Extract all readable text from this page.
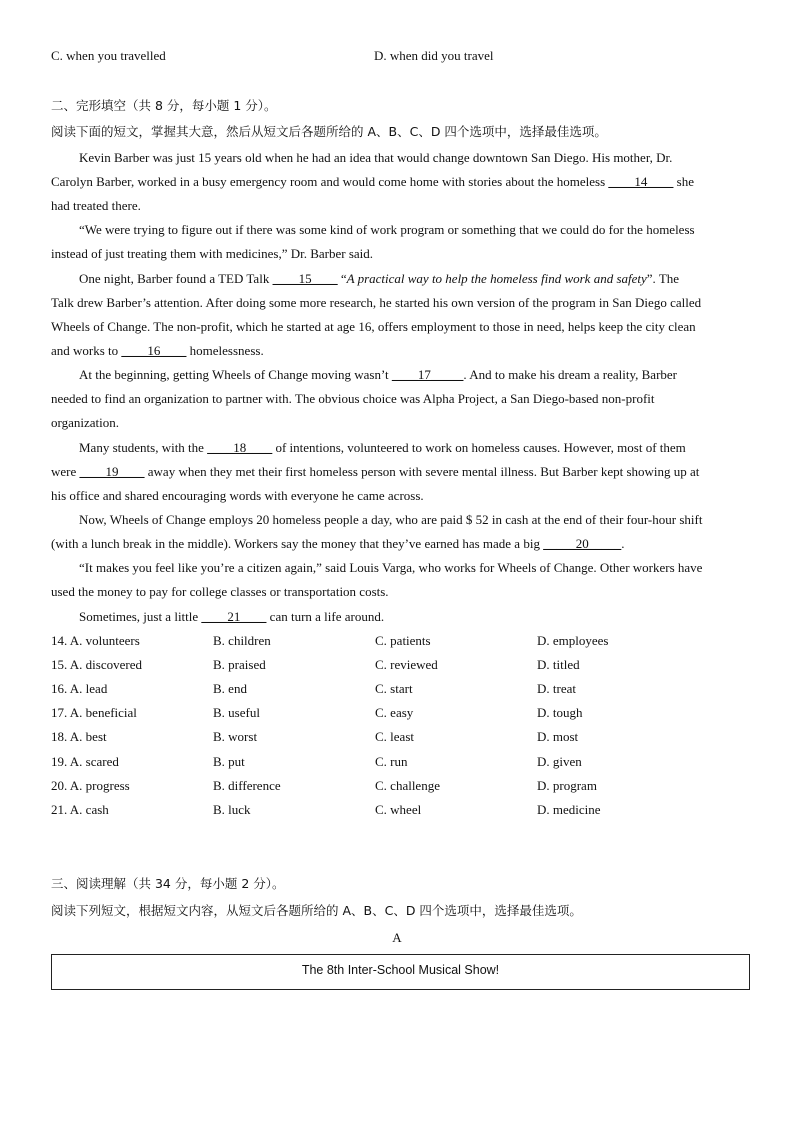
C. when you travelled	D. when did you travel
二、完形填空（共 8 分，每小题 1 分）。
阅读下面的短文，掌握其大意，然后从短文后各题所给的 A、B、C、D 四个选项中，选择最佳选项。
Kevin Barber was just 15 years old when he had an idea that would change downtown San Diego. His mother, Dr.
Carolyn Barber, worked in a busy emergency room and would come home with stories about the homeless ____14____ she
had treated there.
“We were trying to figure out if there was some kind of work program or something that we could do for the homeless
instead of just treating them with medicines,” Dr. Barber said.
One night, Barber found a TED Talk ____15____ “A practical way to help the homeless find work and safety”. The
Talk drew Barber’s attention. After doing some more research, he started his own version of the program in San Diego called
Wheels of Change. The non-profit, which he started at age 16, offers employment to those in need, helps keep the city clean
and works to ____16____ homelessness.
At the beginning, getting Wheels of Change moving wasn’t ____17_____. And to make his dream a reality, Barber
needed to find an organization to partner with. The obvious choice was Alpha Project, a San Diego-based non-profit
organization.
Many students, with the ____18____ of intentions, volunteered to work on homeless causes. However, most of them
were ____19____ away when they met their first homeless person with severe mental illness. But Barber kept showing up at
his office and shared encouraging words with everyone he came across.
Now, Wheels of Change employs 20 homeless people a day, who are paid $ 52 in cash at the end of their four-hour shift
(with a lunch break in the middle). Workers say the money that they’ve earned has made a big _____20_____.
“It makes you feel like you’re a citizen again,” said Louis Varga, who works for Wheels of Change. Other workers have
used the money to pay for college classes or transportation costs.
Sometimes, just a little ____21____ can turn a life around.
14. A. volunteers	B. children	C. patients	D. employees
15. A. discovered	B. praised	C. reviewed	D. titled
16. A. lead	B. end	C. start	D. treat
17. A. beneficial	B. useful	C. easy	D. tough
18. A. best	B. worst	C. least	D. most
19. A. scared	B. put	C. run	D. given
20. A. progress	B. difference	C. challenge	D. program
21. A. cash	B. luck	C. wheel	D. medicine
三、阅读理解（共 34 分，每小题 2 分）。
阅读下列短文，根据短文内容，从短文后各题所给的 A、B、C、D 四个选项中，选择最佳选项。
A
The 8th Inter-School Musical Show!
